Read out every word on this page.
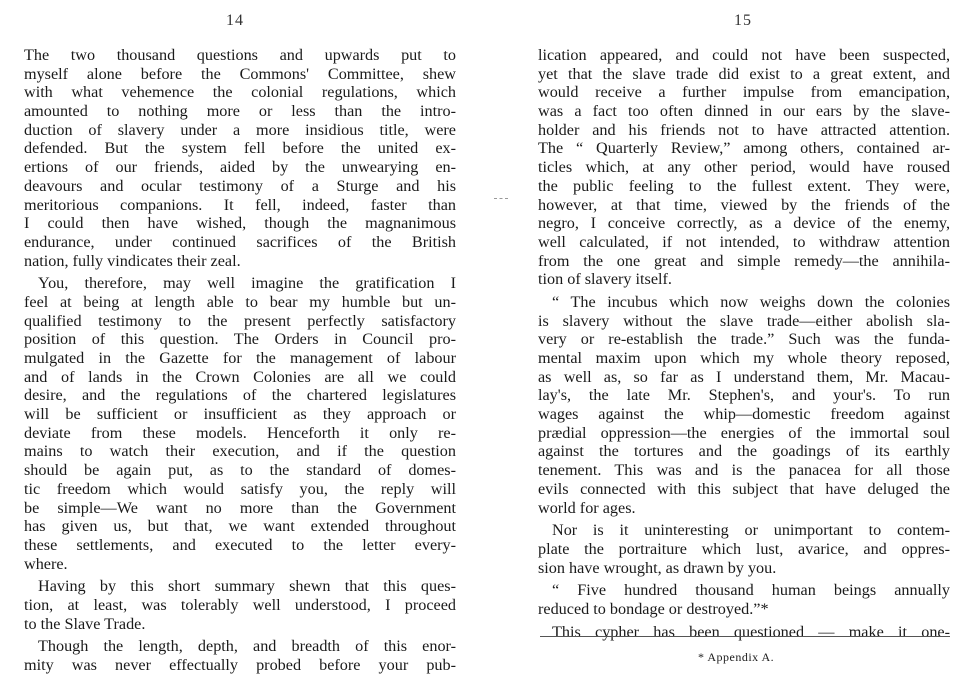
14
The two thousand questions and upwards put to
myself alone before the Commons' Committee, shew
with what vehemence the colonial regulations, which
amounted to nothing more or less than the intro-
duction of slavery under a more insidious title, were
defended. But the system fell before the united ex-
ertions of our friends, aided by the unwearying en-
deavours and ocular testimony of a Sturge and his
meritorious companions. It fell, indeed, faster than
I could then have wished, though the magnanimous
endurance, under continued sacrifices of the British
nation, fully vindicates their zeal.
You, therefore, may well imagine the gratification I
feel at being at length able to bear my humble but un-
qualified testimony to the present perfectly satisfactory
position of this question. The Orders in Council pro-
mulgated in the Gazette for the management of labour
and of lands in the Crown Colonies are all we could
desire, and the regulations of the chartered legislatures
will be sufficient or insufficient as they approach or
deviate from these models. Henceforth it only re-
mains to watch their execution, and if the question
should be again put, as to the standard of domes-
tic freedom which would satisfy you, the reply will
be simple—We want no more than the Government
has given us, but that, we want extended throughout
these settlements, and executed to the letter every-
where.
Having by this short summary shewn that this ques-
tion, at least, was tolerably well understood, I proceed
to the Slave Trade.
Though the length, depth, and breadth of this enor-
mity was never effectually probed before your pub-
15
lication appeared, and could not have been suspected,
yet that the slave trade did exist to a great extent, and
would receive a further impulse from emancipation,
was a fact too often dinned in our ears by the slave-
holder and his friends not to have attracted attention.
The “ Quarterly Review,” among others, contained ar-
ticles which, at any other period, would have roused
the public feeling to the fullest extent. They were,
however, at that time, viewed by the friends of the
negro, I conceive correctly, as a device of the enemy,
well calculated, if not intended, to withdraw attention
from the one great and simple remedy—the annihila-
tion of slavery itself.
“ The incubus which now weighs down the colonies
is slavery without the slave trade—either abolish sla-
very or re-establish the trade.” Such was the funda-
mental maxim upon which my whole theory reposed,
as well as, so far as I understand them, Mr. Macau-
lay's, the late Mr. Stephen's, and your's. To run
wages against the whip—domestic freedom against
prædial oppression—the energies of the immortal soul
against the tortures and the goadings of its earthly
tenement. This was and is the panacea for all those
evils connected with this subject that have deluged the
world for ages.
Nor is it uninteresting or unimportant to contem-
plate the portraiture which lust, avarice, and oppres-
sion have wrought, as drawn by you.
“ Five hundred thousand human beings annually
reduced to bondage or destroyed.”*
This cypher has been questioned — make it one-
* Appendix A.
